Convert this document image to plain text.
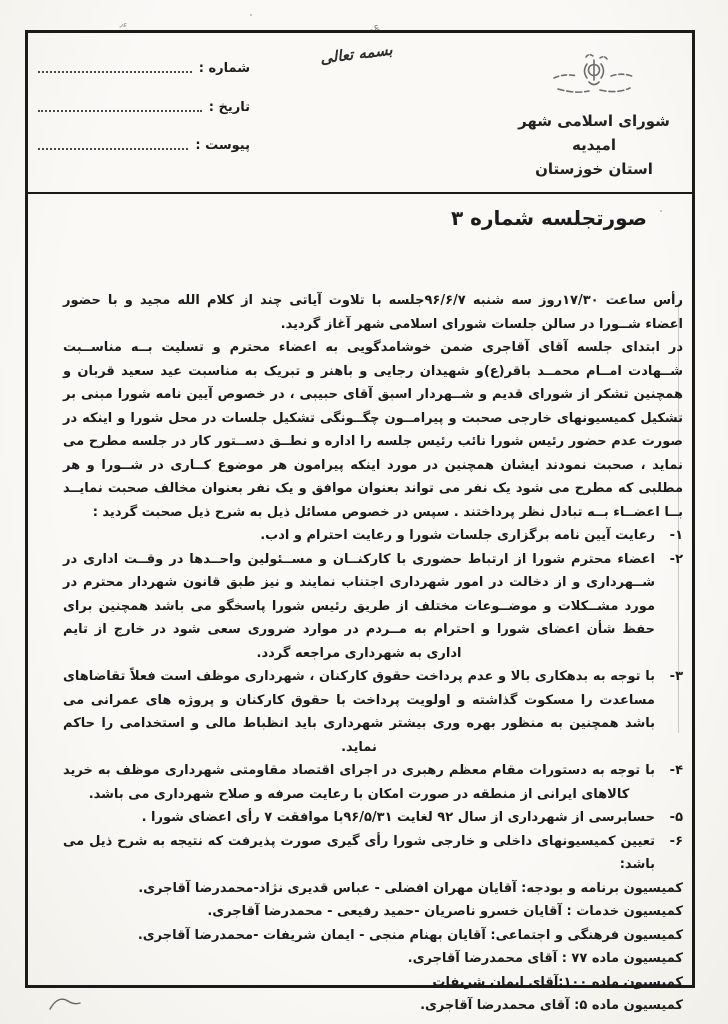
ء٫	؏۔
شماره :
تاریخ :
پیوست :
بسمه تعالی
شورای اسلامی شهر امیدیه
استان خوزستان
صورتجلسه شماره ۳

رأس ساعت ۱۷/۳۰روز سه شنبه ۹۶/۶/۷جلسه با تلاوت آیاتی چند از کلام الله مجید و با حضور اعضاء شــورا در سالن جلسات شورای اسلامی شهر آغاز گردید.

در ابتدای جلسه آقای آقاجری ضمن خوشامدگویی به اعضاء محترم و تسلیت بــه مناســبت شــهادت امــام محمــد باقر(ع)و شهیدان رجایی و باهنر و تبریک به مناسبت عید سعید قربان و همچنین تشکر از شورای قدیم و شــهردار اسبق آقای حبیبی ، در خصوص آیین نامه شورا مبنی بر تشکیل کمیسیونهای خارجی صحبت و پیرامــون چگــونگی تشکیل جلسات در محل شورا و اینکه در صورت عدم حضور رئیس شورا نائب رئیس جلسه را اداره و نطــق دســتور کار در جلسه مطرح می نماید ، صحبت نمودند ایشان همچنین در مورد اینکه پیرامون هر موضوع کــاری در شــورا و هر مطلبی که مطرح می شود یک نفر می تواند بعنوان موافق و یک نفر بعنوان مخالف صحبت نمایــد بــا اعضــاء بــه تبادل نظر پرداختند . سپس در خصوص مسائل ذیل به شرح ذیل صحبت گردید :

۱-
رعایت آیین نامه برگزاری جلسات شورا و رعایت احترام و ادب.
۲-
اعضاء محترم شورا از ارتباط حضوری با کارکنــان و مســئولین واحــدها در وقــت اداری در شــهرداری و از دخالت در امور شهرداری اجتناب نمایند و نیز طبق قانون شهردار محترم در مورد مشــکلات و موضــوعات مختلف از طریق رئیس شورا پاسخگو می باشد همچنین برای حفظ شأن اعضای شورا و احترام به مــردم در موارد ضروری سعی شود در خارج از تایم اداری به شهرداری مراجعه گردد.
۳-
با توجه به بدهکاری بالا و عدم پرداخت حقوق کارکنان ، شهرداری موظف است فعلاً تقاضاهای مساعدت را مسکوت گذاشته و اولویت پرداخت با حقوق کارکنان و پروژه های عمرانی می باشد همچنین به منظور بهره وری بیشتر شهرداری باید انظباط مالی و استخدامی را حاکم نماید.
۴-
با توجه به دستورات مقام معظم رهبری در اجرای اقتصاد مقاومتی شهرداری موظف به خرید کالاهای ایرانی از منطقه در صورت امکان با رعایت صرفه و صلاح شهرداری می باشد.
۵-
حسابرسی از شهرداری از سال ۹۲ لغایت ۹۶/۵/۳۱با موافقت ۷ رأی اعضای شورا .
۶-
تعیین کمیسیونهای داخلی و خارجی شورا رأی گیری صورت پذیرفت که نتیجه به شرح ذیل می باشد:
کمیسیون برنامه و بودجه: آقایان مهران افضلی - عباس قدیری نژاد-محمدرضا آقاجری.
کمیسیون خدمات : آقایان خسرو ناصریان -حمید رفیعی - محمدرضا آقاجری.
کمیسیون فرهنگی و اجتماعی: آقایان بهنام منجی - ایمان شریفات -محمدرضا آقاجری.
کمیسیون ماده ۷۷ : آقای محمدرضا آقاجری.
کمیسیون ماده ۱۰۰:آقای ایمان شریفات
کمیسیون ماده ۵: آقای محمدرضا آقاجری.
